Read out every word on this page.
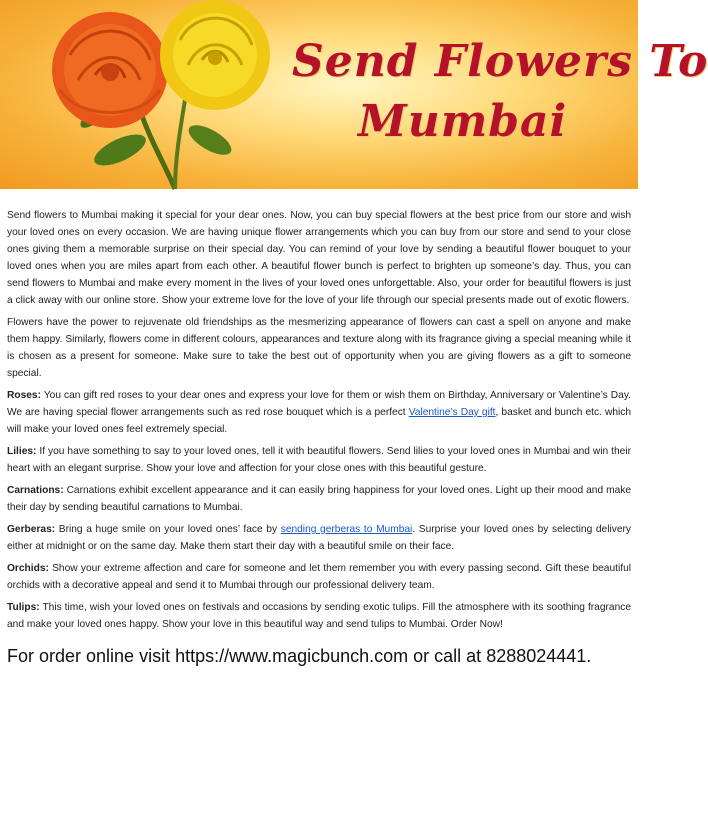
Send Flowers To
Mumbai

Send flowers to Mumbai making it special for your dear ones. Now, you can buy special flowers at the best price from our store and wish your loved ones on every occasion. We are having unique flower arrangements which you can buy from our store and send to your close ones giving them a memorable surprise on their special day. You can remind of your love by sending a beautiful flower bouquet to your loved ones when you are miles apart from each other. A beautiful flower bunch is perfect to brighten up someone’s day. Thus, you can send flowers to Mumbai and make every moment in the lives of your loved ones unforgettable. Also, your order for beautiful flowers is just a click away with our online store. Show your extreme love for the love of your life through our special presents made out of exotic flowers.

Flowers have the power to rejuvenate old friendships as the mesmerizing appearance of flowers can cast a spell on anyone and make them happy. Similarly, flowers come in different colours, appearances and texture along with its fragrance giving a special meaning while it is chosen as a present for someone. Make sure to take the best out of opportunity when you are giving flowers as a gift to someone special.

Roses: You can gift red roses to your dear ones and express your love for them or wish them on Birthday, Anniversary or Valentine’s Day. We are having special flower arrangements such as red rose bouquet which is a perfect Valentine’s Day gift, basket and bunch etc. which will make your loved ones feel extremely special.

Lilies: If you have something to say to your loved ones, tell it with beautiful flowers. Send lilies to your loved ones in Mumbai and win their heart with an elegant surprise. Show your love and affection for your close ones with this beautiful gesture.

Carnations: Carnations exhibit excellent appearance and it can easily bring happiness for your loved ones. Light up their mood and make their day by sending beautiful carnations to Mumbai.

Gerberas: Bring a huge smile on your loved ones’ face by sending gerberas to Mumbai. Surprise your loved ones by selecting delivery either at midnight or on the same day. Make them start their day with a beautiful smile on their face.

Orchids: Show your extreme affection and care for someone and let them remember you with every passing second. Gift these beautiful orchids with a decorative appeal and send it to Mumbai through our professional delivery team.

Tulips: This time, wish your loved ones on festivals and occasions by sending exotic tulips. Fill the atmosphere with its soothing fragrance and make your loved ones happy. Show your love in this beautiful way and send tulips to Mumbai. Order Now!

For order online visit https://www.magicbunch.com or call at 8288024441.
